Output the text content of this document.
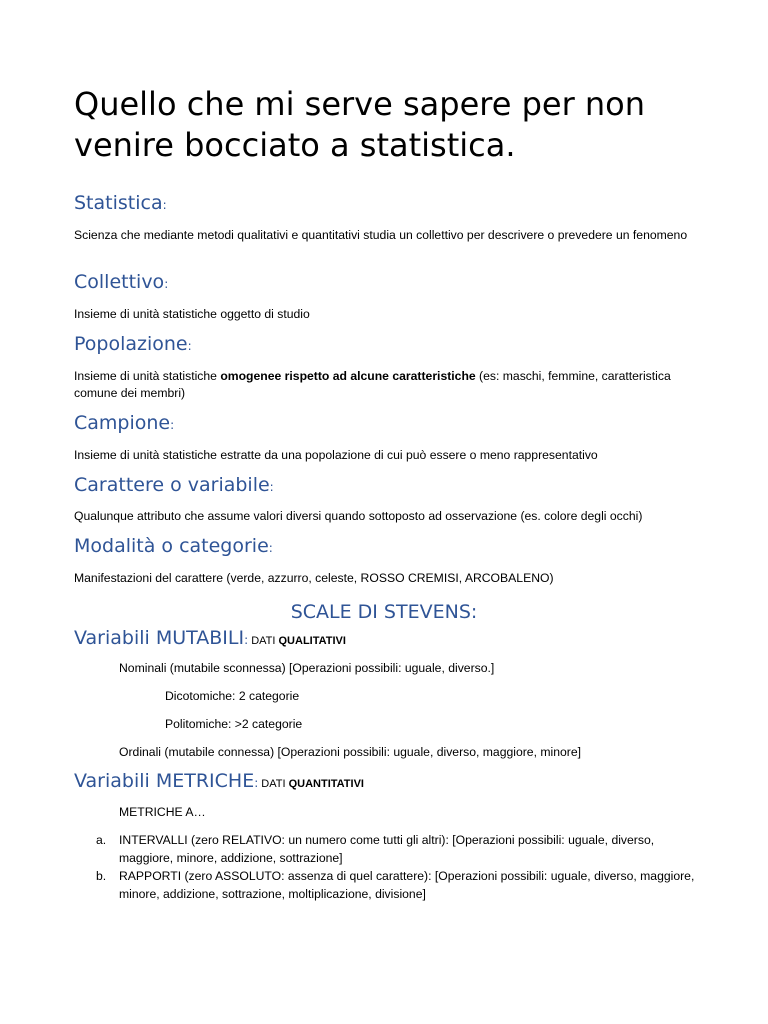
Quello che mi serve sapere per non venire bocciato a statistica.
Statistica:

Scienza che mediante metodi qualitativi e quantitativi studia un collettivo per descrivere o prevedere un fenomeno

Collettivo:

Insieme di unità statistiche oggetto di studio

Popolazione:

Insieme di unità statistiche omogenee rispetto ad alcune caratteristiche (es: maschi, femmine, caratteristica comune dei membri)

Campione:

Insieme di unità statistiche estratte da una popolazione di cui può essere o meno rappresentativo

Carattere o variabile:

Qualunque attributo che assume valori diversi quando sottoposto ad osservazione (es. colore degli occhi)

Modalità o categorie:

Manifestazioni del carattere (verde, azzurro, celeste, ROSSO CREMISI, ARCOBALENO)

SCALE DI STEVENS:
Variabili MUTABILI: DATI QUALITATIVI

Nominali (mutabile sconnessa) [Operazioni possibili: uguale, diverso.]

Dicotomiche: 2 categorie

Politomiche: >2 categorie

Ordinali (mutabile connessa) [Operazioni possibili: uguale, diverso, maggiore, minore]

Variabili METRICHE: DATI QUANTITATIVI

METRICHE A…

a.	INTERVALLI (zero RELATIVO: un numero come tutti gli altri): [Operazioni possibili: uguale, diverso, maggiore, minore, addizione, sottrazione]
b.	RAPPORTI (zero ASSOLUTO: assenza di quel carattere): [Operazioni possibili: uguale, diverso, maggiore, minore, addizione, sottrazione, moltiplicazione, divisione]
